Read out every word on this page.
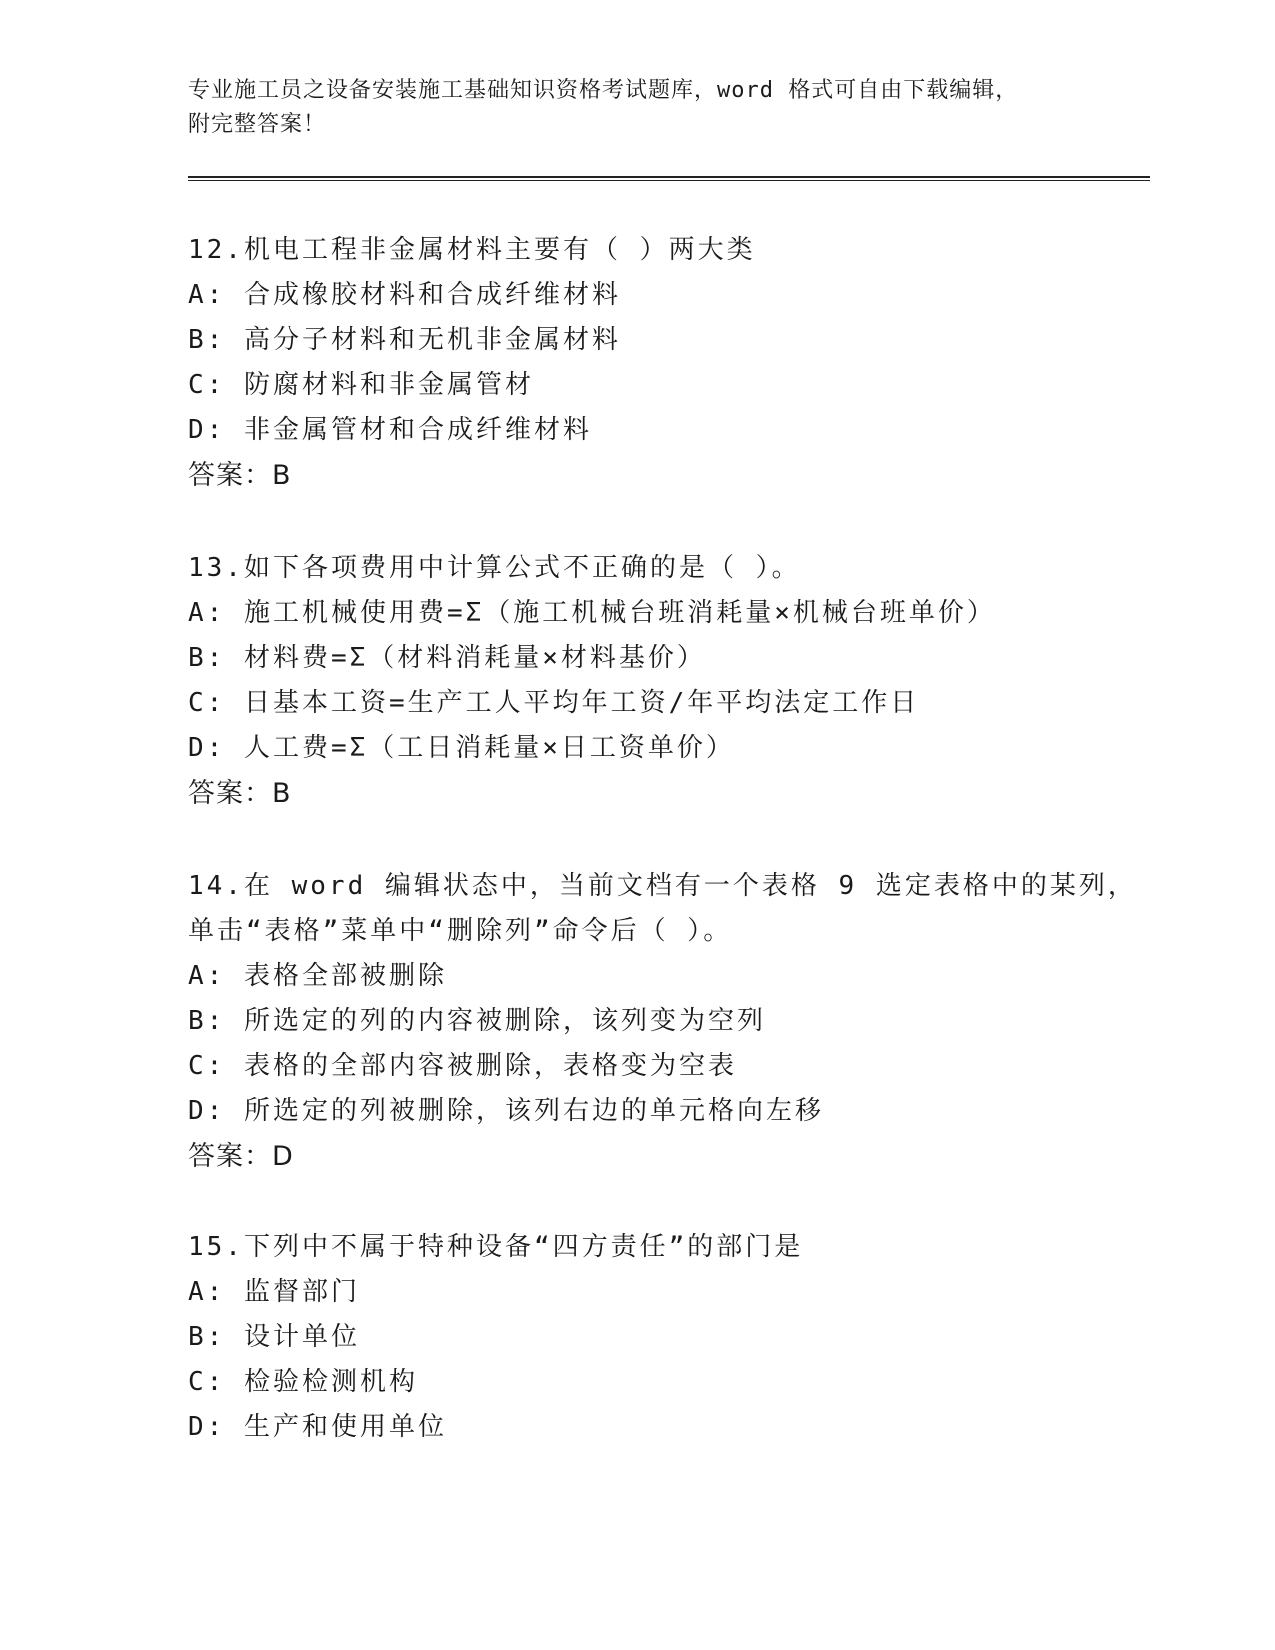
专业施工员之设备安装施工基础知识资格考试题库，word 格式可自由下载编辑，
附完整答案！
12.机电工程非金属材料主要有（ ）两大类
A: 合成橡胶材料和合成纤维材料
B: 高分子材料和无机非金属材料
C: 防腐材料和非金属管材
D: 非金属管材和合成纤维材料
答案：B
13.如下各项费用中计算公式不正确的是（ ）。
A: 施工机械使用费=Σ（施工机械台班消耗量×机械台班单价）
B: 材料费=Σ（材料消耗量×材料基价）
C: 日基本工资=生产工人平均年工资/年平均法定工作日
D: 人工费=Σ（工日消耗量×日工资单价）
答案：B
14.在 word 编辑状态中，当前文档有一个表格 9 选定表格中的某列，
单击“表格”菜单中“删除列”命令后（ ）。
A: 表格全部被删除
B: 所选定的列的内容被删除，该列变为空列
C: 表格的全部内容被删除，表格变为空表
D: 所选定的列被删除，该列右边的单元格向左移
答案：D
15.下列中不属于特种设备“四方责任”的部门是
A: 监督部门
B: 设计单位
C: 检验检测机构
D: 生产和使用单位
